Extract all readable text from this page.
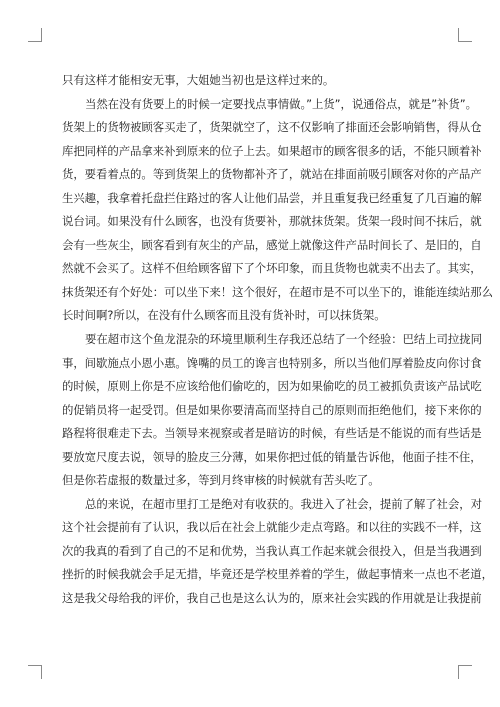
只有这样才能相安无事，大姐她当初也是这样过来的。
当然在没有货要上的时候一定要找点事情做。”上货”，说通俗点，就是”补货”。
货架上的货物被顾客买走了，货架就空了，这不仅影响了排面还会影响销售，得从仓
库把同样的产品拿来补到原来的位子上去。如果超市的顾客很多的话，不能只顾着补
货，要看着点的。等到货架上的货物都补齐了，就站在排面前吸引顾客对你的产品产
生兴趣，我拿着托盘拦住路过的客人让他们品尝，并且重复我已经重复了几百遍的解
说台词。如果没有什么顾客，也没有货要补，那就抹货架。货架一段时间不抹后，就
会有一些灰尘，顾客看到有灰尘的产品，感觉上就像这件产品时间长了、是旧的，自
然就不会买了。这样不但给顾客留下了个坏印象，而且货物也就卖不出去了。其实，
抹货架还有个好处：可以坐下来！这个很好，在超市是不可以坐下的，谁能连续站那么
长时间啊?所以，在没有什么顾客而且没有货补时，可以抹货架。
要在超市这个鱼龙混杂的环境里顺利生存我还总结了一个经验：巴结上司拉拢同
事，间歇施点小恩小惠。馋嘴的员工的谗言也特别多，所以当他们厚着脸皮向你讨食
的时候，原则上你是不应该给他们偷吃的，因为如果偷吃的员工被抓负责该产品试吃
的促销员将一起受罚。但是如果你要清高而坚持自己的原则而拒绝他们，接下来你的
路程将很难走下去。当领导来视察或者是暗访的时候，有些话是不能说的而有些话是
要放宽尺度去说，领导的脸皮三分薄，如果你把过低的销量告诉他，他面子挂不住，
但是你若虚报的数量过多，等到月终审核的时候就有苦头吃了。
总的来说，在超市里打工是绝对有收获的。我进入了社会，提前了解了社会，对
这个社会提前有了认识，我以后在社会上就能少走点弯路。和以往的实践不一样，这
次的我真的看到了自己的不足和优势，当我认真工作起来就会很投入，但是当我遇到
挫折的时候我就会手足无措，毕竟还是学校里养着的学生，做起事情来一点也不老道，
这是我父母给我的评价，我自己也是这么认为的，原来社会实践的作用就是让我提前
